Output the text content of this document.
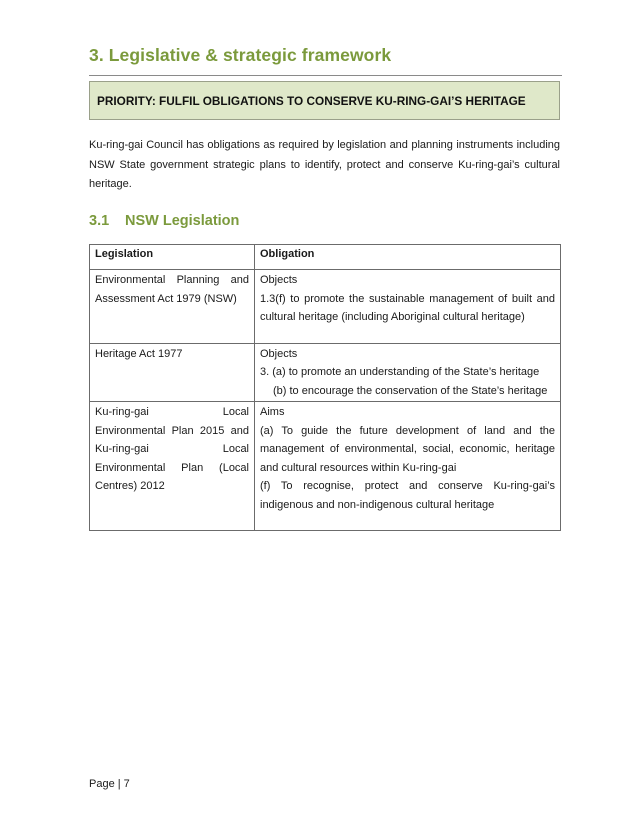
3. Legislative & strategic framework
PRIORITY: FULFIL OBLIGATIONS TO CONSERVE KU-RING-GAI’S HERITAGE

Ku-ring-gai Council has obligations as required by legislation and planning instruments including NSW State government strategic plans to identify, protect and conserve Ku-ring-gai’s cultural heritage.

3.1 NSW Legislation
Legislation	Obligation

Environmental Planning and Assessment Act 1979 (NSW)	Objects
1.3(f) to promote the sustainable management of built and cultural heritage (including Aboriginal cultural heritage)

Heritage Act 1977	Objects
3. (a) to promote an understanding of the State’s heritage
(b) to encourage the conservation of the State’s heritage

Ku-ring-gai Local Environmental Plan 2015 and Ku-ring-gai Local Environmental Plan (Local Centres) 2012	Aims
(a) To guide the future development of land and the management of environmental, social, economic, heritage and cultural resources within Ku-ring-gai
(f) To recognise, protect and conserve Ku-ring-gai’s indigenous and non-indigenous cultural heritage
Page | 7
